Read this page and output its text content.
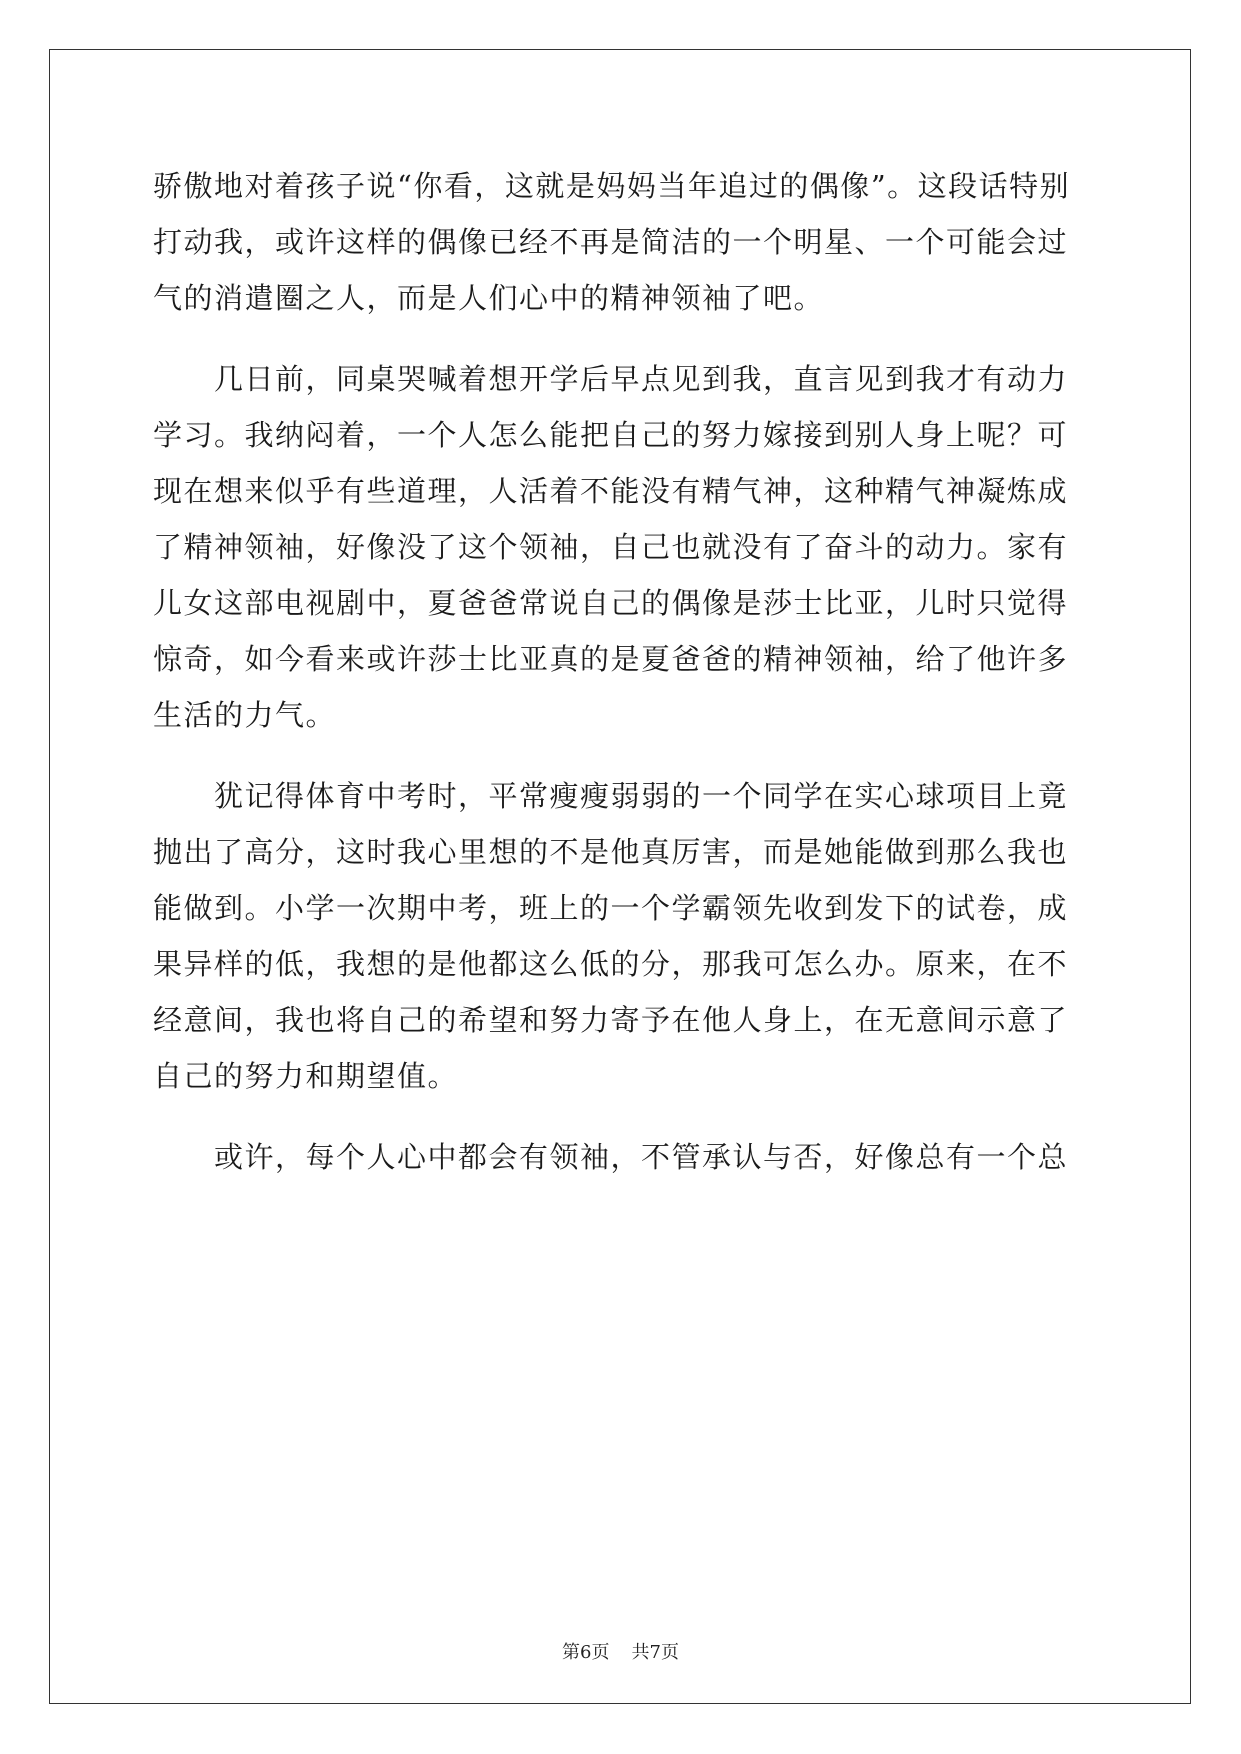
骄傲地对着孩子说“你看，这就是妈妈当年追过的偶像”。这段话特别
打动我，或许这样的偶像已经不再是简洁的一个明星、一个可能会过
气的消遣圈之人，而是人们心中的精神领袖了吧。
　　几日前，同桌哭喊着想开学后早点见到我，直言见到我才有动力
学习。我纳闷着，一个人怎么能把自己的努力嫁接到别人身上呢？可
现在想来似乎有些道理，人活着不能没有精气神，这种精气神凝炼成
了精神领袖，好像没了这个领袖，自己也就没有了奋斗的动力。家有
儿女这部电视剧中，夏爸爸常说自己的偶像是莎士比亚，儿时只觉得
惊奇，如今看来或许莎士比亚真的是夏爸爸的精神领袖，给了他许多
生活的力气。
　　犹记得体育中考时，平常瘦瘦弱弱的一个同学在实心球项目上竟
抛出了高分，这时我心里想的不是他真厉害，而是她能做到那么我也
能做到。小学一次期中考，班上的一个学霸领先收到发下的试卷，成
果异样的低，我想的是他都这么低的分，那我可怎么办。原来，在不
经意间，我也将自己的希望和努力寄予在他人身上，在无意间示意了
自己的努力和期望值。
　　或许，每个人心中都会有领袖，不管承认与否，好像总有一个总
第6页 共7页
